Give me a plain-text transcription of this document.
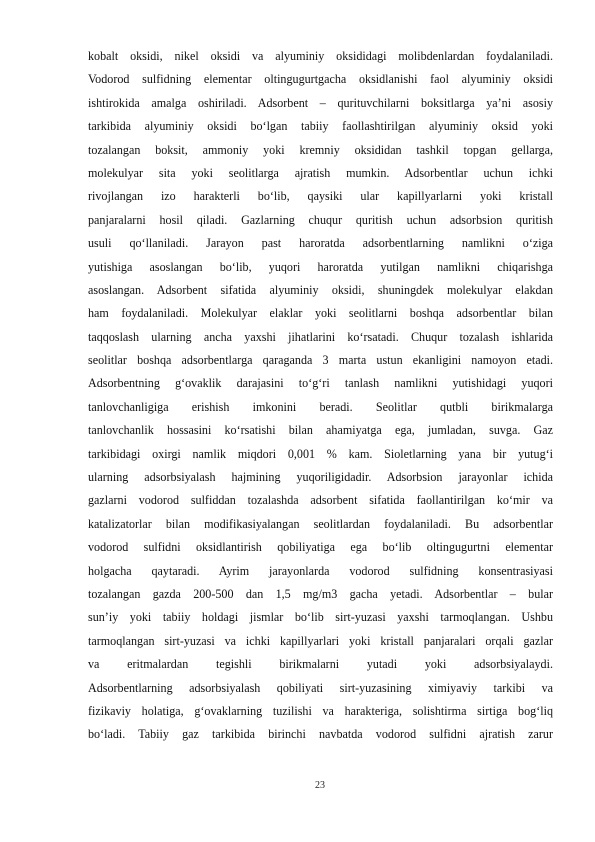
kobalt oksidi, nikel oksidi va alyuminiy oksididagi molibdenlardan foydalaniladi.
Vodorod sulfidning elementar oltingugurtgacha oksidlanishi faol alyuminiy oksidi
ishtirokida amalga oshiriladi. Adsorbent – qurituvchilarni boksitlarga ya’ni asosiy
tarkibida alyuminiy oksidi bo‘lgan tabiiy faollashtirilgan alyuminiy oksid yoki
tozalangan boksit, ammoniy yoki kremniy oksididan tashkil topgan gellarga,
molekulyar sita yoki seolitlarga ajratish mumkin. Adsorbentlar uchun ichki
rivojlangan izo harakterli bo‘lib, qaysiki ular kapillyarlarni yoki kristall
panjaralarni hosil qiladi. Gazlarning chuqur quritish uchun adsorbsion quritish
usuli qo‘llaniladi. Jarayon past haroratda adsorbentlarning namlikni o‘ziga
yutishiga asoslangan bo‘lib, yuqori haroratda yutilgan namlikni chiqarishga
asoslangan. Adsorbent sifatida alyuminiy oksidi, shuningdek molekulyar elakdan
ham foydalaniladi. Molekulyar elaklar yoki seolitlarni boshqa adsorbentlar bilan
taqqoslash ularning ancha yaxshi jihatlarini ko‘rsatadi. Chuqur tozalash ishlarida
seolitlar boshqa adsorbentlarga qaraganda 3 marta ustun ekanligini namoyon etadi.
Adsorbentning g‘ovaklik darajasini to‘g‘ri tanlash namlikni yutishidagi yuqori
tanlovchanligiga erishish imkonini beradi. Seolitlar qutbli birikmalarga
tanlovchanlik hossasini ko‘rsatishi bilan ahamiyatga ega, jumladan, suvga. Gaz
tarkibidagi oxirgi namlik miqdori 0,001 % kam. Sioletlarning yana bir yutug‘i
ularning adsorbsiyalash hajmining yuqoriligidadir. Adsorbsion jarayonlar ichida
gazlarni vodorod sulfiddan tozalashda adsorbent sifatida faollantirilgan ko‘mir va
katalizatorlar bilan modifikasiyalangan seolitlardan foydalaniladi. Bu adsorbentlar
vodorod sulfidni oksidlantirish qobiliyatiga ega bo‘lib oltingugurtni elementar
holgacha qaytaradi. Ayrim jarayonlarda vodorod sulfidning konsentrasiyasi
tozalangan gazda 200-500 dan 1,5 mg/m3 gacha yetadi. Adsorbentlar – bular
sun’iy yoki tabiiy holdagi jismlar bo‘lib sirt-yuzasi yaxshi tarmoqlangan. Ushbu
tarmoqlangan sirt-yuzasi va ichki kapillyarlari yoki kristall panjaralari orqali gazlar
va eritmalardan tegishli birikmalarni yutadi yoki adsorbsiyalaydi.
Adsorbentlarning adsorbsiyalash qobiliyati sirt-yuzasining ximiyaviy tarkibi va
fizikaviy holatiga, g‘ovaklarning tuzilishi va harakteriga, solishtirma sirtiga bog‘liq
bo‘ladi. Tabiiy gaz tarkibida birinchi navbatda vodorod sulfidni ajratish zarur
23
